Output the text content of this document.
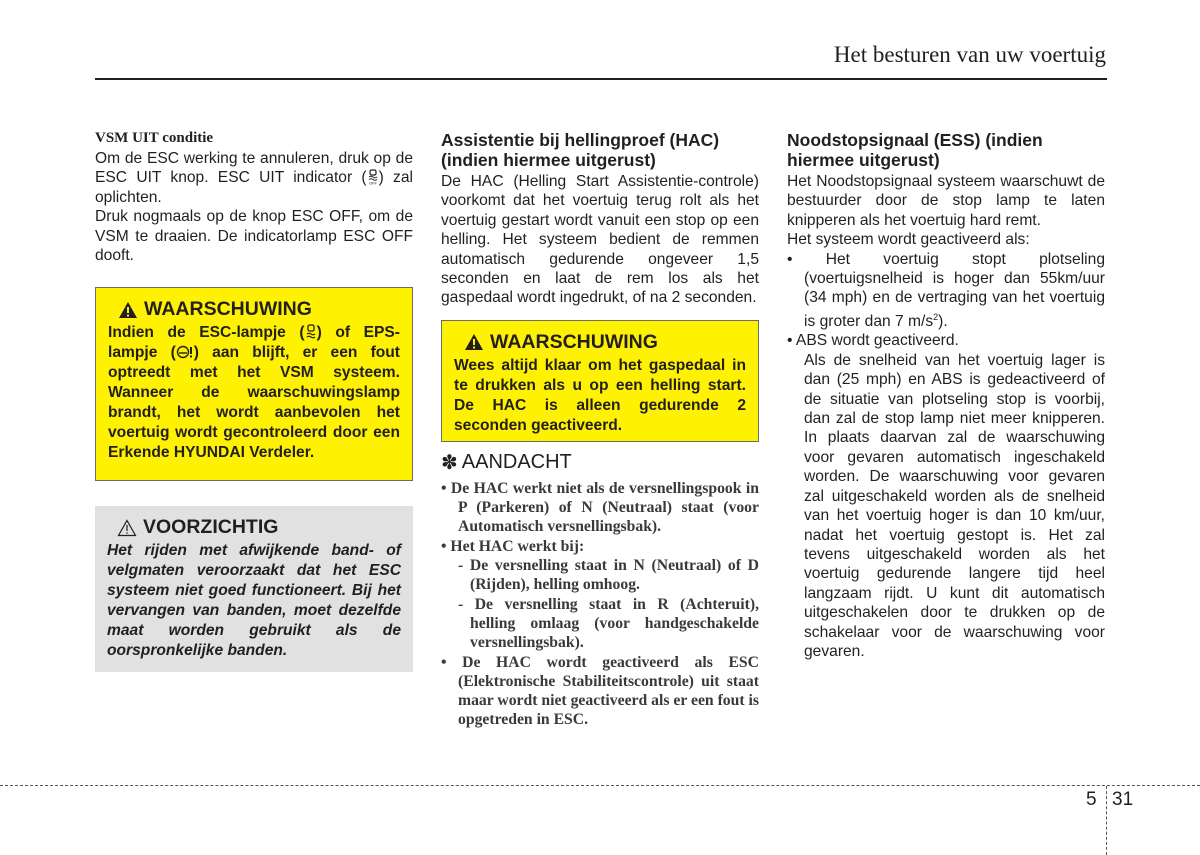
Het besturen van uw voertuig
VSM UIT conditie

Om de ESC werking te annuleren, druk op de ESC UIT knop. ESC UIT indicator ( OFF ) zal oplichten.

Druk nogmaals op de knop ESC OFF, om de VSM te draaien. De indicatorlamp ESC OFF dooft.

WAARSCHUWING

Indien de ESC-lampje ( ) of EPS-lampje ( ) aan blijft, er een fout optreedt met het VSM systeem. Wanneer de waarschuwingslamp brandt, het wordt aanbevolen het voertuig wordt gecontroleerd door een Erkende HYUNDAI Verdeler.

VOORZICHTIG

Het rijden met afwijkende band- of velgmaten veroorzaakt dat het ESC systeem niet goed functioneert. Bij het vervangen van banden, moet dezelfde maat worden gebruikt als de oorspronkelijke banden.

Assistentie bij hellingproef (HAC) (indien hiermee uitgerust)

De HAC (Helling Start Assistentie-controle) voorkomt dat het voertuig terug rolt als het voertuig gestart wordt vanuit een stop op een helling. Het systeem bedient de remmen automatisch gedurende ongeveer 1,5 seconden en laat de rem los als het gaspedaal wordt ingedrukt, of na 2 seconden.

WAARSCHUWING

Wees altijd klaar om het gaspedaal in te drukken als u op een helling start. De HAC is alleen gedurende 2 seconden geactiveerd.

✽ AANDACHT
• De HAC werkt niet als de versnellingspook in P (Parkeren) of N (Neutraal) staat (voor Automatisch versnellingsbak).
• Het HAC werkt bij:
- De versnelling staat in N (Neutraal) of D (Rijden), helling omhoog.
- De versnelling staat in R (Achteruit), helling omlaag (voor handgeschakelde versnellingsbak).
• De HAC wordt geactiveerd als ESC (Elektronische Stabiliteitscontrole) uit staat maar wordt niet geactiveerd als er een fout is opgetreden in ESC.
Noodstopsignaal (ESS) (indien hiermee uitgerust)

Het Noodstopsignaal systeem waarschuwt de bestuurder door de stop lamp te laten knipperen als het voertuig hard remt.

Het systeem wordt geactiveerd als:

• Het voertuig stopt plotseling (voertuigsnelheid is hoger dan 55km/uur (34 mph) en de vertraging van het voertuig is groter dan 7 $m/s^2$).
• ABS wordt geactiveerd.
Als de snelheid van het voertuig lager is dan (25 mph) en ABS is gedeactiveerd of de situatie van plotseling stop is voorbij, dan zal de stop lamp niet meer knipperen. In plaats daarvan zal de waarschuwing voor gevaren automatisch ingeschakeld worden. De waarschuwing voor gevaren zal uitgeschakeld worden als de snelheid van het voertuig hoger is dan 10 km/uur, nadat het voertuig gestopt is. Het zal tevens uitgeschakeld worden als het voertuig gedurende langere tijd heel langzaam rijdt. U kunt dit automatisch uitgeschakelen door te drukken op de schakelaar voor de waarschuwing voor gevaren.
5 31
